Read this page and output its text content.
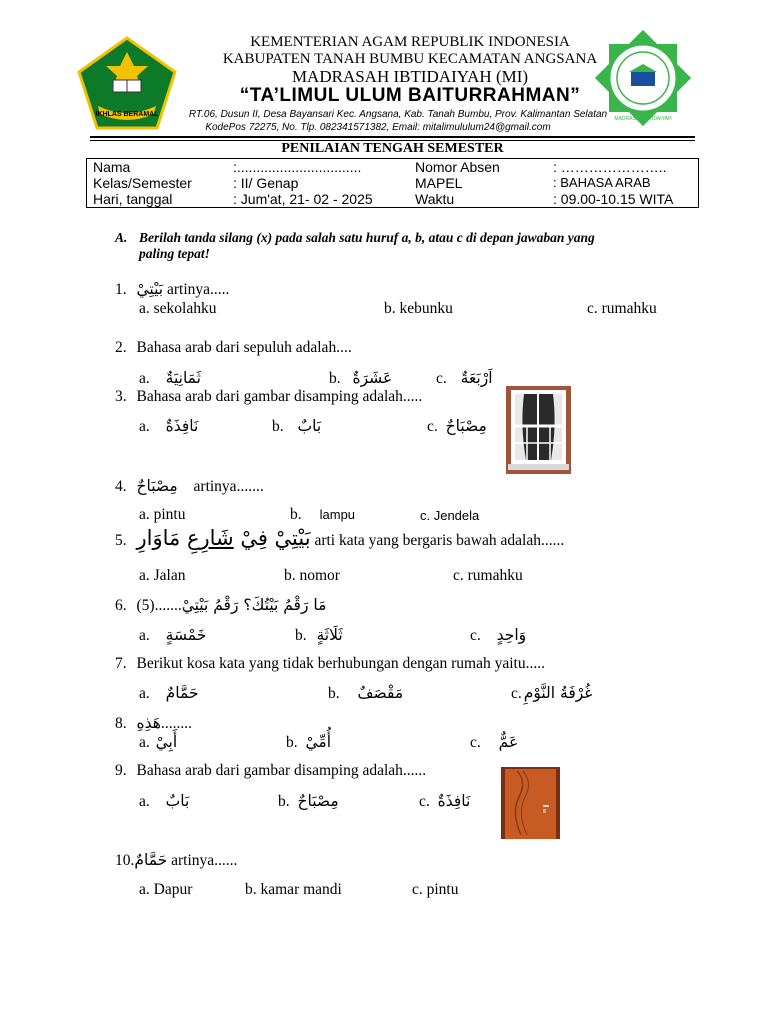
IKHLAS BERAMAL
MADRASAH IBTIDAIYAH
KEMENTERIAN AGAM REPUBLIK INDONESIA
KABUPATEN TANAH BUMBU KECAMATAN ANGSANA
MADRASAH IBTIDAIYAH (MI)
“TA’LIMUL ULUM BAITURRAHMAN”
RT.06, Dusun II, Desa Bayansari Kec. Angsana, Kab. Tanah Bumbu, Prov. Kalimantan Selatan
KodePos 72275, No. Tlp. 082341571382, Email: mitalimululum24@gmail.com
PENILAIAN TENGAH SEMESTER
Nama	:................................	Nomor Absen	: …………………..
Kelas/Semester	: II/ Genap	MAPEL	: BAHASA ARAB
Hari, tanggal	: Jum'at, 21- 02 - 2025	Waktu	: 09.00-10.15 WITA
A. Berilah tanda silang (x) pada salah satu huruf a, b, atau c di depan jawaban yang
paling tepat!
1. بَيْتِيْ artinya.....
a. sekolahku	b. kebunku	c. rumahku
2. Bahasa arab dari sepuluh adalah....
a. ثَمَانِيَةٌ	b. عَشَرَةٌ	c. اَرْبَعَةٌ
3. Bahasa arab dari gambar disamping adalah.....
a. نَافِذَةٌ	b. بَابٌ	c. مِصْبَاحٌ
4. مِصْبَاحٌ artinya.......
a. pintu	b. lampu	c. Jendela
5. مَاوَارِ شَارِعِ بَيْتِيْ فِيْ arti kata yang bergaris bawah adalah......
a. Jalan	b. nomor	c. rumahku
6. (5).......مَا رَقْمُ بَيْتُكَ؟ رَقْمُ بَيْتِيْ
a. خَمْسَةٍ	b. ثَلَاثَةٍ	c. وَاحِدٍ
7. Berikut kosa kata yang tidak berhubungan dengan rumah yaitu.....
a. حَمَّامٌ	b. مَقْصَفٌ	c. غُرْفَةُ النَّوْمِ
8. هَذِهِ........
a. أَبِيْ	b. أُمِّيْ	c. عَمٌّ
9. Bahasa arab dari gambar disamping adalah......
a. بَابٌ	b. مِصْبَاحٌ	c. نَافِذَةٌ
10.حَمَّامٌ artinya......
a. Dapur	b. kamar mandi	c. pintu
